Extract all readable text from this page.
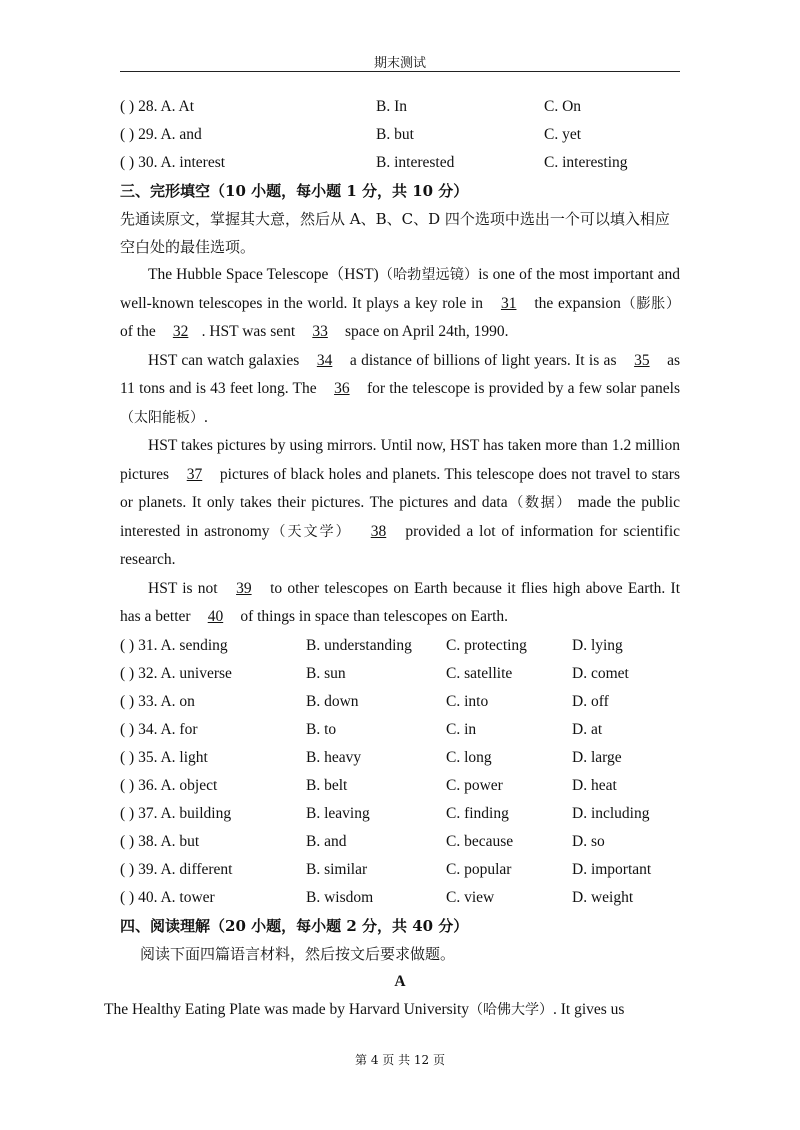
期末测试
( ) 28. A. At	B. In	C. On
( ) 29. A. and	B. but	C. yet
( ) 30. A. interest	B. interested	C. interesting
三、完形填空（10 小题，每小题 1 分，共 10 分）
先通读原文，掌握其大意，然后从 A、B、C、D 四个选项中选出一个可以填入相应
空白处的最佳选项。
The Hubble Space Telescope（HST)（哈勃望远镜）is one of the most important and well-known telescopes in the world. It plays a key role in 31 the expansion（膨胀） of the 32 . HST was sent 33 space on April 24th, 1990.
HST can watch galaxies 34 a distance of billions of light years. It is as 35 as 11 tons and is 43 feet long. The 36 for the telescope is provided by a few solar panels（太阳能板）.
HST takes pictures by using mirrors. Until now, HST has taken more than 1.2 million pictures 37 pictures of black holes and planets. This telescope does not travel to stars or planets. It only takes their pictures. The pictures and data（数据） made the public interested in astronomy（天文学） 38 provided a lot of information for scientific research.
HST is not 39 to other telescopes on Earth because it flies high above Earth. It has a better 40 of things in space than telescopes on Earth.
( ) 31. A. sending	B. understanding C. protecting	D. lying
( ) 32. A. universe	B. sun	C. satellite	D. comet
( ) 33. A. on	B. down	C. into	D. off
( ) 34. A. for	B. to	C. in	D. at
( ) 35. A. light	B. heavy	C. long	D. large
( ) 36. A. object	B. belt	C. power	D. heat
( ) 37. A. building	B. leaving	C. finding	D. including
( ) 38. A. but	B. and	C. because	D. so
( ) 39. A. different	B. similar	C. popular	D. important
( ) 40. A. tower	B. wisdom	C. view	D. weight
四、阅读理解（20 小题，每小题 2 分，共 40 分）
阅读下面四篇语言材料，然后按文后要求做题。
A
The Healthy Eating Plate was made by Harvard University（哈佛大学）. It gives us
第 4 页 共 12 页
